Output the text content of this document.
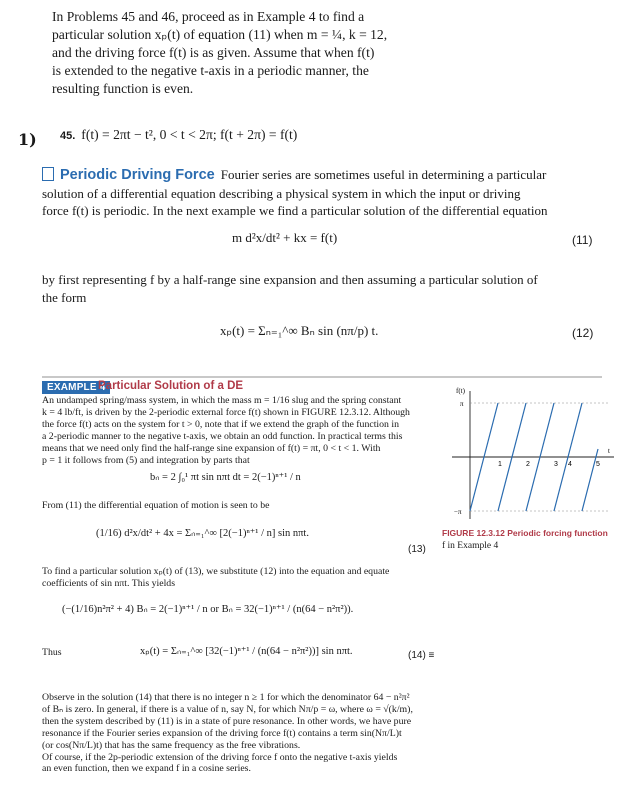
In Problems 45 and 46, proceed as in Example 4 to find a
particular solution xₚ(t) of equation (11) when m = ¼, k = 12,
and the driving force f(t) is as given. Assume that when f(t)
is extended to the negative t-axis in a periodic manner, the
resulting function is even.
1) 45. f(t) = 2πt − t², 0 < t < 2π; f(t + 2π) = f(t)
Periodic Driving Force Fourier series are sometimes useful in determining a particular
solution of a differential equation describing a physical system in which the input or driving
force f(t) is periodic. In the next example we find a particular solution of the differential equation
m d²x/dt² + kx = f(t)	(11)
by first representing f by a half-range sine expansion and then assuming a particular solution of
the form
xₚ(t) = Σₙ₌₁^∞ Bₙ sin (nπ/p) t.	(12)
EXAMPLE 4
Particular Solution of a DE
An undamped spring/mass system, in which the mass m = 1/16 slug and the spring constant
k = 4 lb/ft, is driven by the 2-periodic external force f(t) shown in FIGURE 12.3.12. Although
the force f(t) acts on the system for t > 0, note that if we extend the graph of the function in
a 2-periodic manner to the negative t-axis, we obtain an odd function. In practical terms this
means that we need only find the half-range sine expansion of f(t) = πt, 0 < t < 1. With
p = 1 it follows from (5) and integration by parts that
bₙ = 2 ∫₀¹ πt sin nπt dt = 2(−1)ⁿ⁺¹ / n
From (11) the differential equation of motion is seen to be
(1/16) d²x/dt² + 4x = Σₙ₌₁^∞ [2(−1)ⁿ⁺¹ / n] sin nπt.
(13)
To find a particular solution xₚ(t) of (13), we substitute (12) into the equation and equate
coefficients of sin nπt. This yields
(−(1/16)n²π² + 4) Bₙ = 2(−1)ⁿ⁺¹ / n or Bₙ = 32(−1)ⁿ⁺¹ / (n(64 − n²π²)).
Thus	xₚ(t) = Σₙ₌₁^∞ [32(−1)ⁿ⁺¹ / (n(64 − n²π²))] sin nπt.	(14) ≡
Observe in the solution (14) that there is no integer n ≥ 1 for which the denominator 64 − n²π²
of Bₙ is zero. In general, if there is a value of n, say N, for which Nπ/p = ω, where ω = √(k/m),
then the system described by (11) is in a state of pure resonance. In other words, we have pure
resonance if the Fourier series expansion of the driving force f(t) contains a term sin(Nπ/L)t
(or cos(Nπ/L)t) that has the same frequency as the free vibrations.
Of course, if the 2p-periodic extension of the driving force f onto the negative t-axis yields
an even function, then we expand f in a cosine series.
f(t)
t
π
−π
1	2	3 4	5
FIGURE 12.3.12 Periodic forcing function
f in Example 4
